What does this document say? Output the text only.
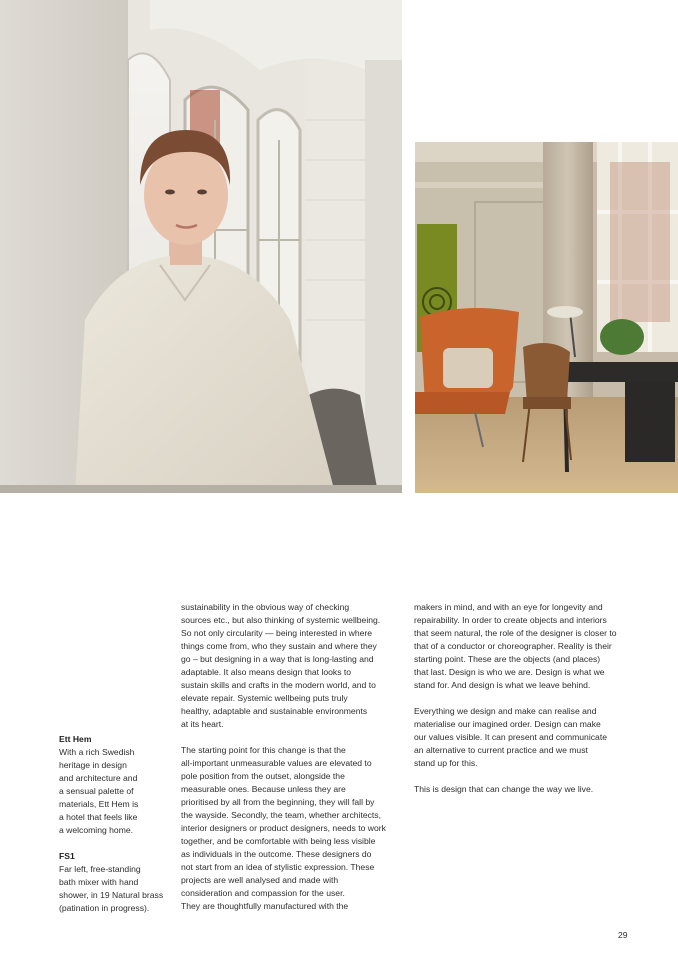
Ett Hem

With a rich Swedish
heritage in design
and architecture and
a sensual palette of
materials, Ett Hem is
a hotel that feels like
a welcoming home.

FS1

Far left, free-standing
bath mixer with hand
shower, in 19 Natural brass
(patination in progress).

sustainability in the obvious way of checking
sources etc., but also thinking of systemic wellbeing.
So not only circularity — being interested in where
things come from, who they sustain and where they
go – but designing in a way that is long-lasting and
adaptable. It also means design that looks to
sustain skills and crafts in the modern world, and to
elevate repair. Systemic wellbeing puts truly
healthy, adaptable and sustainable environments
at its heart.

The starting point for this change is that the
all-important unmeasurable values are elevated to
pole position from the outset, alongside the
measurable ones. Because unless they are
prioritised by all from the beginning, they will fall by
the wayside. Secondly, the team, whether architects,
interior designers or product designers, needs to work
together, and be comfortable with being less visible
as individuals in the outcome. These designers do
not start from an idea of stylistic expression. These
projects are well analysed and made with
consideration and compassion for the user.
They are thoughtfully manufactured with the

makers in mind, and with an eye for longevity and
repairability. In order to create objects and interiors
that seem natural, the role of the designer is closer to
that of a conductor or choreographer. Reality is their
starting point. These are the objects (and places)
that last. Design is who we are. Design is what we
stand for. And design is what we leave behind.

Everything we design and make can realise and
materialise our imagined order. Design can make
our values visible. It can present and communicate
an alternative to current practice and we must
stand up for this.

This is design that can change the way we live.

29
